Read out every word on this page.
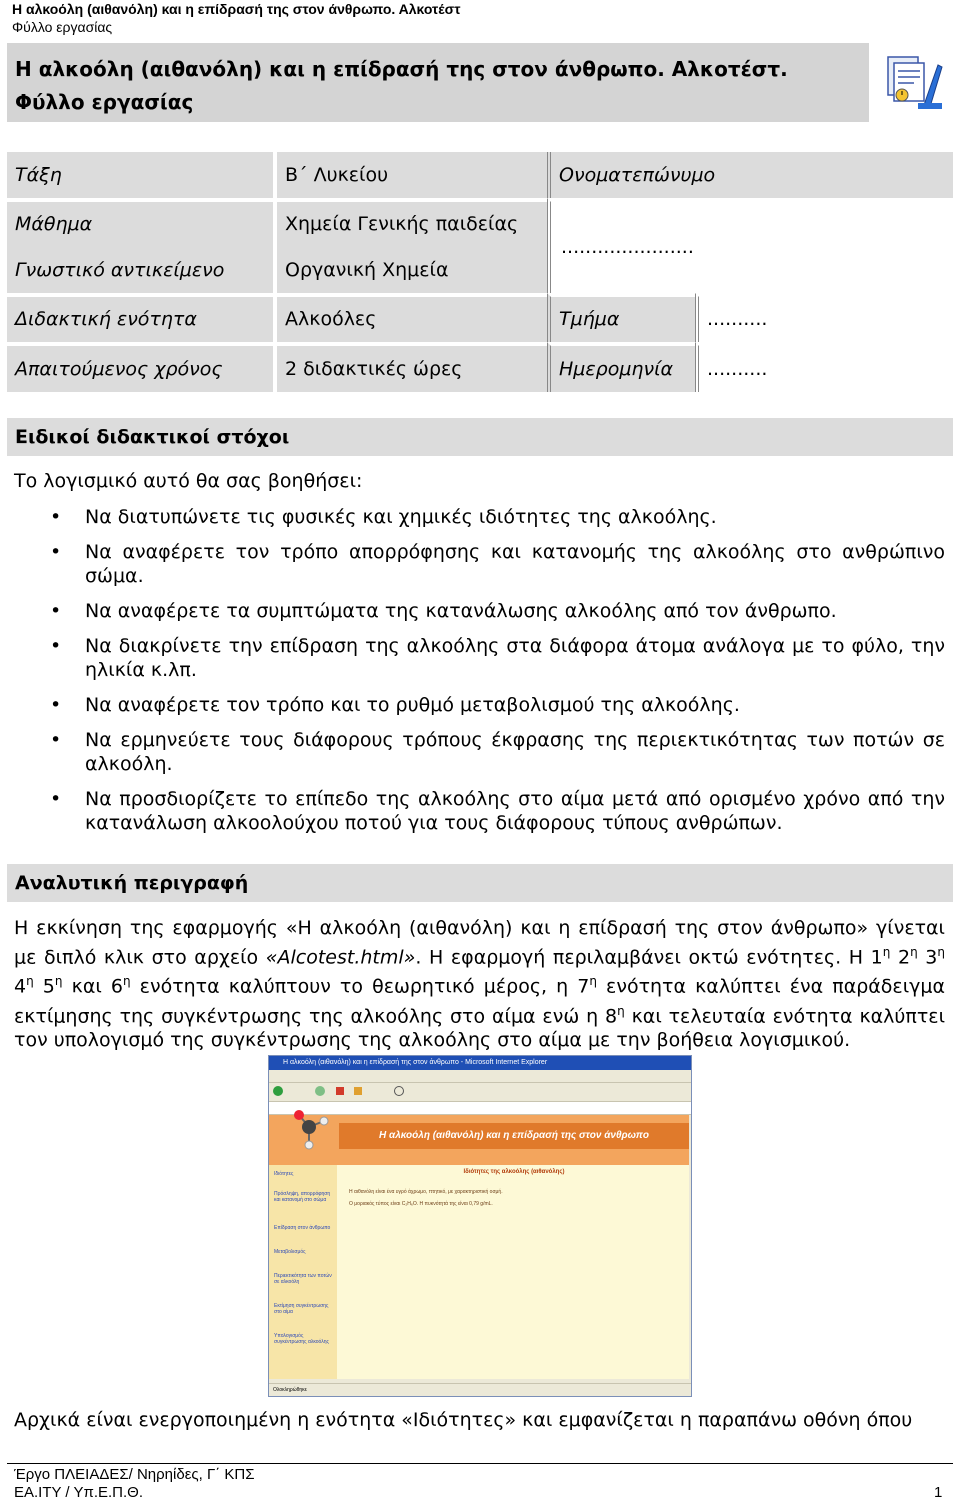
Η αλκοόλη (αιθανόλη) και η επίδρασή της στον άνθρωπο. Αλκοτέστ
Φύλλο εργασίας
Η αλκοόλη (αιθανόλη) και η επίδρασή της στον άνθρωπο. Αλκοτέστ.
Φύλλο εργασίας
Τάξη	Β΄ Λυκείου	Ονοματεπώνυμο	
Μάθημα	Χημεία Γενικής παιδείας	......................	
Γνωστικό αντικείμενο	Οργανική Χημεία		
Διδακτική ενότητα	Αλκοόλες	Τμήμα	..........
Απαιτούμενος χρόνος	2 διδακτικές ώρες	Ημερομηνία	..........
Ειδικοί διδακτικοί στόχοι
Το λογισμικό αυτό θα σας βοηθήσει:
• Να διατυπώνετε τις φυσικές και χημικές ιδιότητες της αλκοόλης.
• Να αναφέρετε τον τρόπο απορρόφησης και κατανομής της αλκοόλης στο ανθρώπινο σώμα.
• Να αναφέρετε τα συμπτώματα της κατανάλωσης αλκοόλης από τον άνθρωπο.
• Να διακρίνετε την επίδραση της αλκοόλης στα διάφορα άτομα ανάλογα με το φύλο, την ηλικία κ.λπ.
• Να αναφέρετε τον τρόπο και το ρυθμό μεταβολισμού της αλκοόλης.
• Να ερμηνεύετε τους διάφορους τρόπους έκφρασης της περιεκτικότητας των ποτών σε αλκοόλη.
• Να προσδιορίζετε το επίπεδο της αλκοόλης στο αίμα μετά από ορισμένο χρόνο από την κατανάλωση αλκοολούχου ποτού για τους διάφορους τύπους ανθρώπων.
Αναλυτική περιγραφή
Η εκκίνηση της εφαρμογής «Η αλκοόλη (αιθανόλη) και η επίδρασή της στον άνθρωπο» γίνεται με διπλό κλικ στο αρχείο «Alcotest.html». Η εφαρμογή περιλαμβάνει οκτώ ενότητες. Η $1^\eta$ $2^\eta$ $3^\eta$ $4^\eta$ $5^\eta$ και $6^\eta$ ενότητα καλύπτουν το θεωρητικό μέρος, η $7^\eta$ ενότητα καλύπτει ένα παράδειγμα εκτίμησης της συγκέντρωσης της αλκοόλης στο αίμα ενώ η $8^\eta$ και τελευταία ενότητα καλύπτει τον υπολογισμό της συγκέντρωσης της αλκοόλης στο αίμα με την βοήθεια λογισμικού.
Η αλκοόλη (αιθανόλη) και η επίδρασή της στον άνθρωπο - Microsoft Internet Explorer

Η αλκοόλη (αιθανόλη) και η επίδρασή της στον άνθρωπο
Ιδιότητες
Πρόσληψη, απορρόφηση και κατανομή στο σώμα
Επίδραση στον άνθρωπο
Μεταβολισμός
Περιεκτικότητα των ποτών σε αλκοόλη
Εκτίμηση συγκέντρωσης στο αίμα
Υπολογισμός συγκέντρωσης αλκοόλης
Ιδιότητες της αλκοόλης (αιθανόλης)
Η αιθανόλη είναι ένα υγρό άχρωμο, πτητικό, με χαρακτηριστική οσμή.
Ο μοριακός τύπος είναι C₂H₆O. Η πυκνότητά της είναι 0,79 g/mL.
Ολοκληρώθηκε
Αρχικά είναι ενεργοποιημένη η ενότητα «Ιδιότητες» και εμφανίζεται η παραπάνω οθόνη όπου
Έργο ΠΛΕΙΑΔΕΣ/ Νηρηίδες, Γ΄ ΚΠΣ
ΕΑ.ΙΤΥ / Υπ.Ε.Π.Θ.	1
